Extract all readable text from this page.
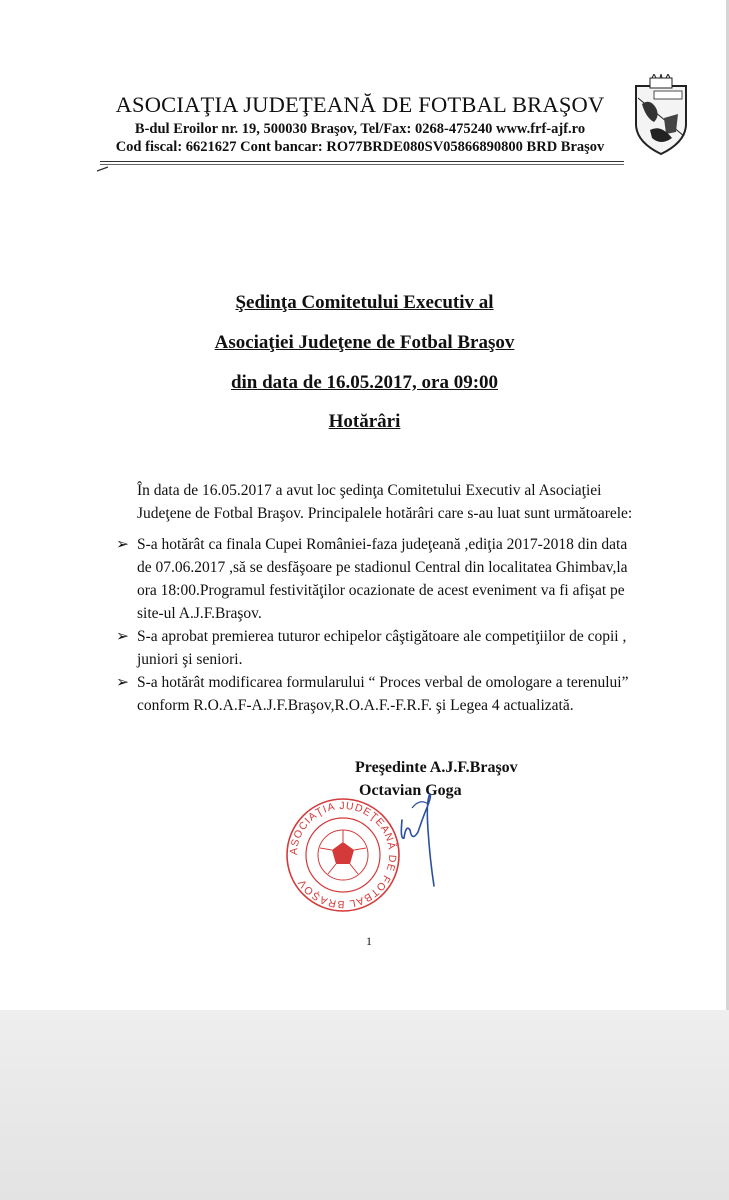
ASOCIAŢIA JUDEŢEANĂ DE FOTBAL BRAŞOV
B-dul Eroilor nr. 19, 500030 Braşov, Tel/Fax: 0268-475240 www.frf-ajf.ro
Cod fiscal: 6621627 Cont bancar: RO77BRDE080SV05866890800 BRD Braşov
Şedinţa Comitetului Executiv al
Asociaţiei Judeţene de Fotbal Braşov
din data de 16.05.2017, ora 09:00
Hotărâri
În data de 16.05.2017 a avut loc şedinţa Comitetului Executiv al Asociaţiei
Judeţene de Fotbal Braşov. Principalele hotărâri care s-au luat sunt următoarele:
➢ S-a hotărât ca finala Cupei României-faza judeţeană ,ediţia 2017-2018 din data
de 07.06.2017 ,să se desfăşoare pe stadionul Central din localitatea Ghimbav,la
ora 18:00.Programul festivităţilor ocazionate de acest eveniment va fi afişat pe
site-ul A.J.F.Braşov.
➢ S-a aprobat premierea tuturor echipelor câştigătoare ale competiţiilor de copii ,
juniori şi seniori.
➢ S-a hotărât modificarea formularului “ Proces verbal de omologare a terenului”
conform R.O.A.F-A.J.F.Braşov,R.O.A.F.-F.R.F. şi Legea 4 actualizată.
Preşedinte A.J.F.Braşov
Octavian Goga
ASOCIAŢIA JUDEŢEANĂ DE FOTBAL BRAŞOV
1
